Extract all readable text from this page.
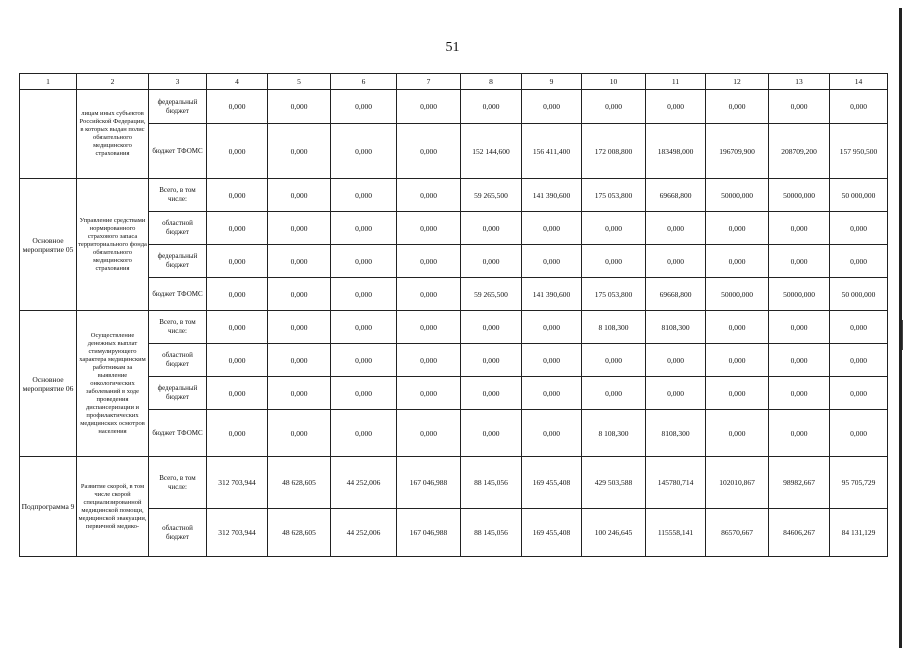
51
1	2	3	4	5	6	7	8	9	10	11	12	13	14
	лицам иных субъектов Российской Федерации, в которых выдан полис обязательного медицинского страхования	федеральный бюджет	0,000	0,000	0,000	0,000	0,000	0,000	0,000	0,000	0,000	0,000	0,000
		бюджет ТФОМС	0,000	0,000	0,000	0,000	152 144,600	156 411,400	172 008,800	183498,000	196709,900	208709,200	157 950,500
Основное мероприятие 05	Управление средствами нормированного страхового запаса территориального фонда обязательного медицинского страхования	Всего, в том числе:	0,000	0,000	0,000	0,000	59 265,500	141 390,600	175 053,800	69668,800	50000,000	50000,000	50 000,000
		областной бюджет	0,000	0,000	0,000	0,000	0,000	0,000	0,000	0,000	0,000	0,000	0,000
		федеральный бюджет	0,000	0,000	0,000	0,000	0,000	0,000	0,000	0,000	0,000	0,000	0,000
		бюджет ТФОМС	0,000	0,000	0,000	0,000	59 265,500	141 390,600	175 053,800	69668,800	50000,000	50000,000	50 000,000
Основное мероприятие 06	Осуществление денежных выплат стимулирующего характера медицинским работникам за выявление онкологических заболеваний в ходе проведения диспансеризации и профилактических медицинских осмотров населения	Всего, в том числе:	0,000	0,000	0,000	0,000	0,000	0,000	8 108,300	8108,300	0,000	0,000	0,000
		областной бюджет	0,000	0,000	0,000	0,000	0,000	0,000	0,000	0,000	0,000	0,000	0,000
		федеральный бюджет	0,000	0,000	0,000	0,000	0,000	0,000	0,000	0,000	0,000	0,000	0,000
		бюджет ТФОМС	0,000	0,000	0,000	0,000	0,000	0,000	8 108,300	8108,300	0,000	0,000	0,000
Подпрограмма 9	Развитие скорой, в том числе скорой специализированной медицинской помощи, медицинской эвакуации, первичной медико-	Всего, в том числе:	312 703,944	48 628,605	44 252,006	167 046,988	88 145,056	169 455,408	429 503,588	145780,714	102010,867	98982,667	95 705,729
		областной бюджет	312 703,944	48 628,605	44 252,006	167 046,988	88 145,056	169 455,408	100 246,645	115558,141	86570,667	84606,267	84 131,129
